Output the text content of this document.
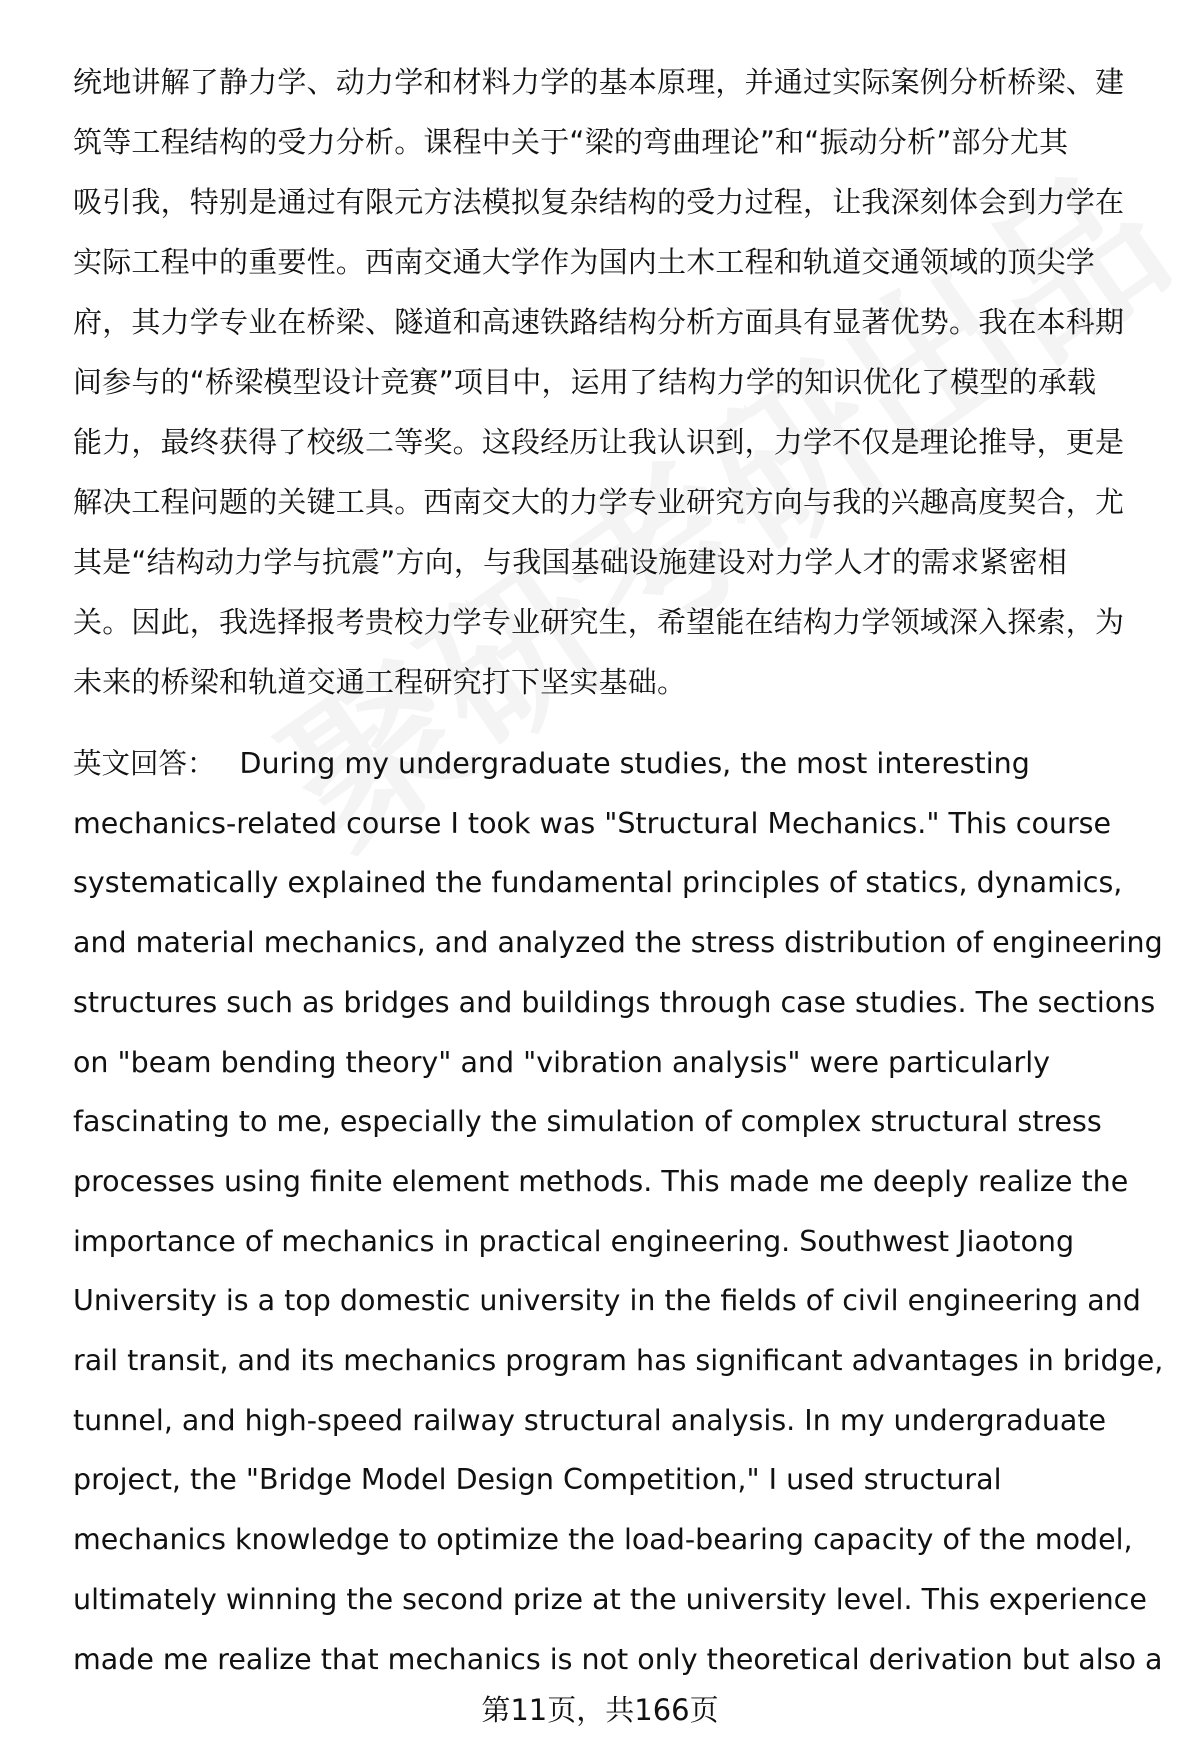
统地讲解了静力学、动力学和材料力学的基本原理，并通过实际案例分析桥梁、建
筑等工程结构的受力分析。课程中关于“梁的弯曲理论”和“振动分析”部分尤其
吸引我，特别是通过有限元方法模拟复杂结构的受力过程，让我深刻体会到力学在
实际工程中的重要性。西南交通大学作为国内土木工程和轨道交通领域的顶尖学
府，其力学专业在桥梁、隧道和高速铁路结构分析方面具有显著优势。我在本科期
间参与的“桥梁模型设计竞赛”项目中，运用了结构力学的知识优化了模型的承载
能力，最终获得了校级二等奖。这段经历让我认识到，力学不仅是理论推导，更是
解决工程问题的关键工具。西南交大的力学专业研究方向与我的兴趣高度契合，尤
其是“结构动力学与抗震”方向，与我国基础设施建设对力学人才的需求紧密相
关。因此，我选择报考贵校力学专业研究生，希望能在结构力学领域深入探索，为
未来的桥梁和轨道交通工程研究打下坚实基础。

英文回答： During my undergraduate studies, the most interesting
mechanics-related course I took was "Structural Mechanics." This course
systematically explained the fundamental principles of statics, dynamics,
and material mechanics, and analyzed the stress distribution of engineering
structures such as bridges and buildings through case studies. The sections
on "beam bending theory" and "vibration analysis" were particularly
fascinating to me, especially the simulation of complex structural stress
processes using finite element methods. This made me deeply realize the
importance of mechanics in practical engineering. Southwest Jiaotong
University is a top domestic university in the fields of civil engineering and
rail transit, and its mechanics program has significant advantages in bridge,
tunnel, and high-speed railway structural analysis. In my undergraduate
project, the "Bridge Model Design Competition," I used structural
mechanics knowledge to optimize the load-bearing capacity of the model,
ultimately winning the second prize at the university level. This experience
made me realize that mechanics is not only theoretical derivation but also a

第11页，共166页
